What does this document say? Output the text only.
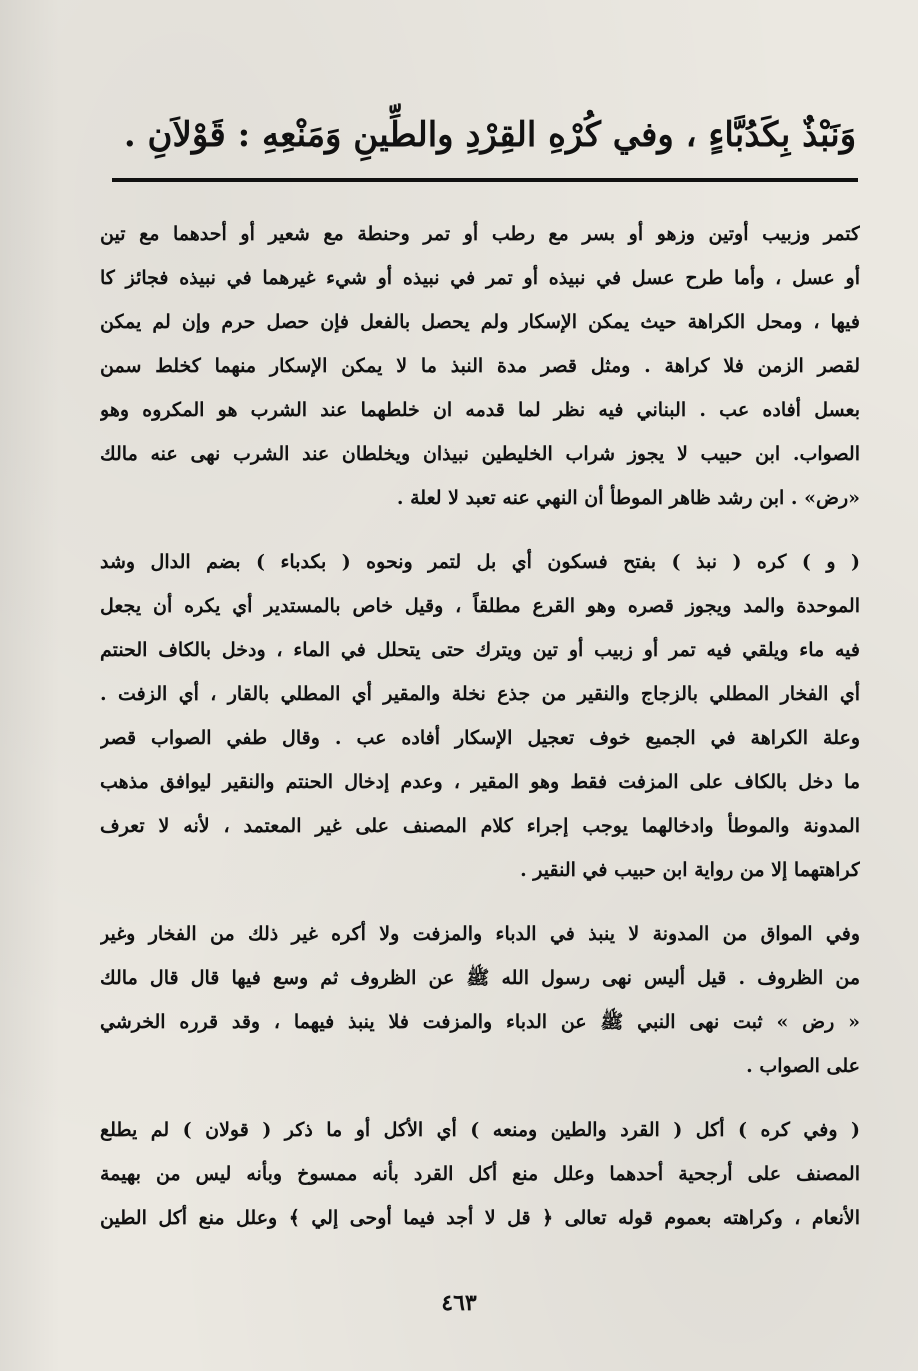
وَنَبْذٌ بِكَدُبَّاءٍ ، وفي كُرْهِ القِرْدِ والطِّينِ وَمَنْعِهِ : قَوْلاَنِ .
كتمر وزبيب أوتين وزهو أو بسر مع رطب أو تمر وحنطة مع شعير أو أحدهما مع تين
أو عسل ، وأما طرح عسل في نبيذه أو تمر في نبيذه أو شيء غيرهما في نبيذه فجائز كا
فيها ، ومحل الكراهة حيث يمكن الإسكار ولم يحصل بالفعل فإن حصل حرم وإن لم يمكن
لقصر الزمن فلا كراهة . ومثل قصر مدة النبذ ما لا يمكن الإسكار منهما كخلط سمن
بعسل أفاده عب . البناني فيه نظر لما قدمه ان خلطهما عند الشرب هو المكروه وهو
الصواب. ابن حبيب لا يجوز شراب الخليطين نبيذان ويخلطان عند الشرب نهى عنه مالك
«رض» . ابن رشد ظاهر الموطأ أن النهي عنه تعبد لا لعلة .
( و ) كره ( نبذ ) بفتح فسكون أي بل لتمر ونحوه ( بكدباء ) بضم الدال وشد
الموحدة والمد ويجوز قصره وهو القرع مطلقاً ، وقيل خاص بالمستدير أي يكره أن يجعل
فيه ماء ويلقي فيه تمر أو زبيب أو تين ويترك حتى يتحلل في الماء ، ودخل بالكاف الحنتم
أي الفخار المطلي بالزجاج والنقير من جذع نخلة والمقير أي المطلي بالقار ، أي الزفت .
وعلة الكراهة في الجميع خوف تعجيل الإسكار أفاده عب . وقال طفي الصواب قصر
ما دخل بالكاف على المزفت فقط وهو المقير ، وعدم إدخال الحنتم والنقير ليوافق مذهب
المدونة والموطأ وادخالهما يوجب إجراء كلام المصنف على غير المعتمد ، لأنه لا تعرف
كراهتهما إلا من رواية ابن حبيب في النقير .
وفي المواق من المدونة لا ينبذ في الدباء والمزفت ولا أكره غير ذلك من الفخار وغير
من الظروف . قيل أليس نهى رسول الله ﷺ عن الظروف ثم وسع فيها قال قال مالك
« رض » ثبت نهى النبي ﷺ عن الدباء والمزفت فلا ينبذ فيهما ، وقد قرره الخرشي
على الصواب .
( وفي كره ) أكل ( القرد والطين ومنعه ) أي الأكل أو ما ذكر ( قولان ) لم يطلع
المصنف على أرجحية أحدهما وعلل منع أكل القرد بأنه ممسوخ وبأنه ليس من بهيمة
الأنعام ، وكراهته بعموم قوله تعالى ﴿ قل لا أجد فيما أوحى إلي ﴾ وعلل منع أكل الطين
٤٦٣
